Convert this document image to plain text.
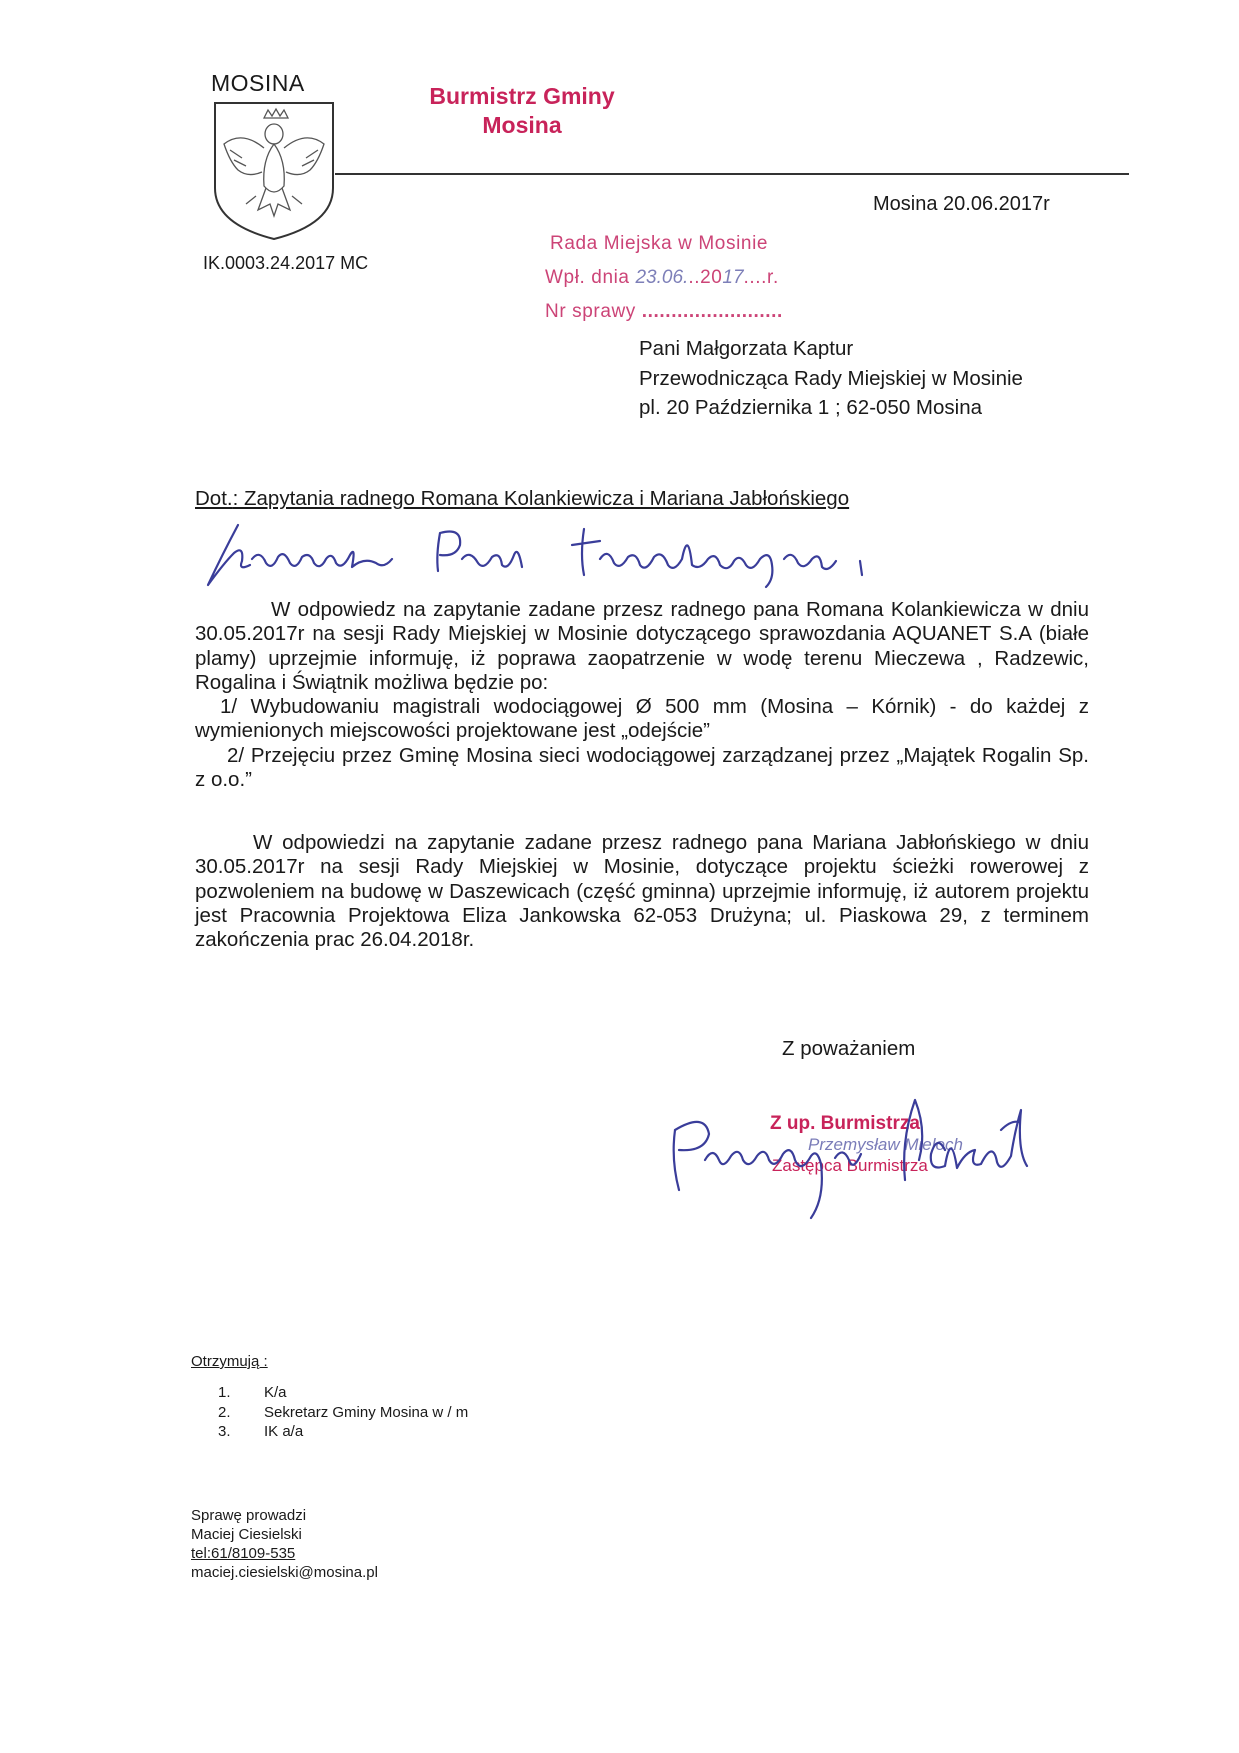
MOSINA	Burmistrz Gminy
Mosina
Mosina 20.06.2017r
IK.0003.24.2017 MC
Rada Miejska w Mosinie
Wpł. dnia 23.06...2017....r.
Nr sprawy ........................
Pani Małgorzata Kaptur
Przewodnicząca Rady Miejskiej w Mosinie
pl. 20 Października 1 ; 62-050 Mosina
Dot.: Zapytania radnego Romana Kolankiewicza i Mariana Jabłońskiego

W odpowiedz na zapytanie zadane przesz radnego pana Romana Kolankiewicza w dniu 30.05.2017r na sesji Rady Miejskiej w Mosinie dotyczącego sprawozdania AQUANET S.A (białe plamy) uprzejmie informuję, iż poprawa zaopatrzenie w wodę terenu Mieczewa , Radzewic, Rogalina i Świątnik możliwa będzie po:

1/ Wybudowaniu magistrali wodociągowej Ø 500 mm (Mosina – Kórnik) - do każdej z wymienionych miejscowości projektowane jest „odejście”

2/ Przejęciu przez Gminę Mosina sieci wodociągowej zarządzanej przez „Majątek Rogalin Sp. z o.o.”

W odpowiedzi na zapytanie zadane przesz radnego pana Mariana Jabłońskiego w dniu 30.05.2017r na sesji Rady Miejskiej w Mosinie, dotyczące projektu ścieżki rowerowej z pozwoleniem na budowę w Daszewicach (część gminna) uprzejmie informuję, iż autorem projektu jest Pracownia Projektowa Eliza Jankowska 62-053 Drużyna; ul. Piaskowa 29, z terminem zakończenia prac 26.04.2018r.

Z poważaniem
Z up. Burmistrza
Przemysław Mieloch
Zastępca Burmistrza
Otrzymują :
1.	K/a
2.	Sekretarz Gminy Mosina w / m
3.	IK a/a
Sprawę prowadzi
Maciej Ciesielski
tel:61/8109-535
maciej.ciesielski@mosina.pl
